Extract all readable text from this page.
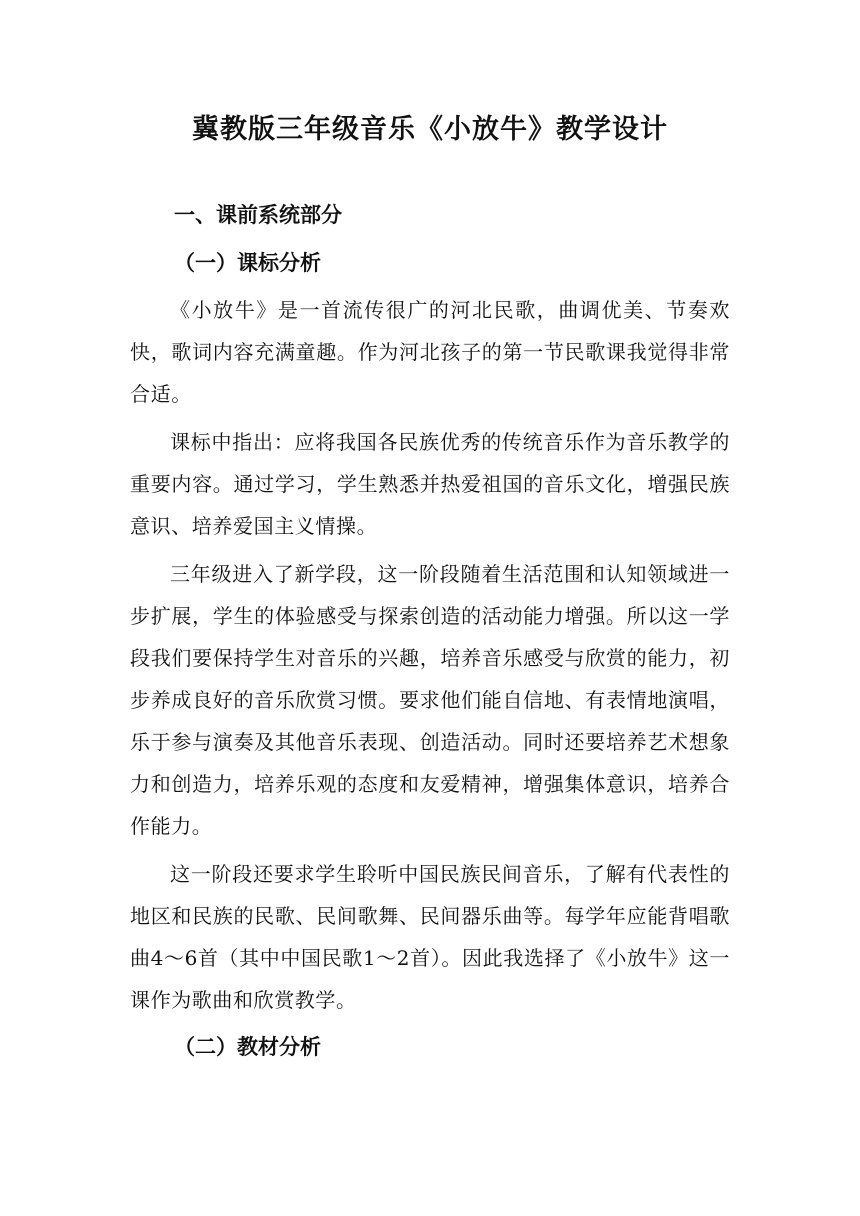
冀教版三年级音乐《小放牛》教学设计
一、课前系统部分
（一）课标分析

《小放牛》是一首流传很广的河北民歌，曲调优美、节奏欢快，歌词内容充满童趣。作为河北孩子的第一节民歌课我觉得非常合适。

课标中指出：应将我国各民族优秀的传统音乐作为音乐教学的重要内容。通过学习，学生熟悉并热爱祖国的音乐文化，增强民族意识、培养爱国主义情操。

三年级进入了新学段，这一阶段随着生活范围和认知领域进一步扩展，学生的体验感受与探索创造的活动能力增强。所以这一学段我们要保持学生对音乐的兴趣，培养音乐感受与欣赏的能力，初步养成良好的音乐欣赏习惯。要求他们能自信地、有表情地演唱，乐于参与演奏及其他音乐表现、创造活动。同时还要培养艺术想象力和创造力，培养乐观的态度和友爱精神，增强集体意识，培养合作能力。

这一阶段还要求学生聆听中国民族民间音乐，了解有代表性的地区和民族的民歌、民间歌舞、民间器乐曲等。每学年应能背唱歌曲4～6首（其中中国民歌1～2首）。因此我选择了《小放牛》这一课作为歌曲和欣赏教学。

（二）教材分析
